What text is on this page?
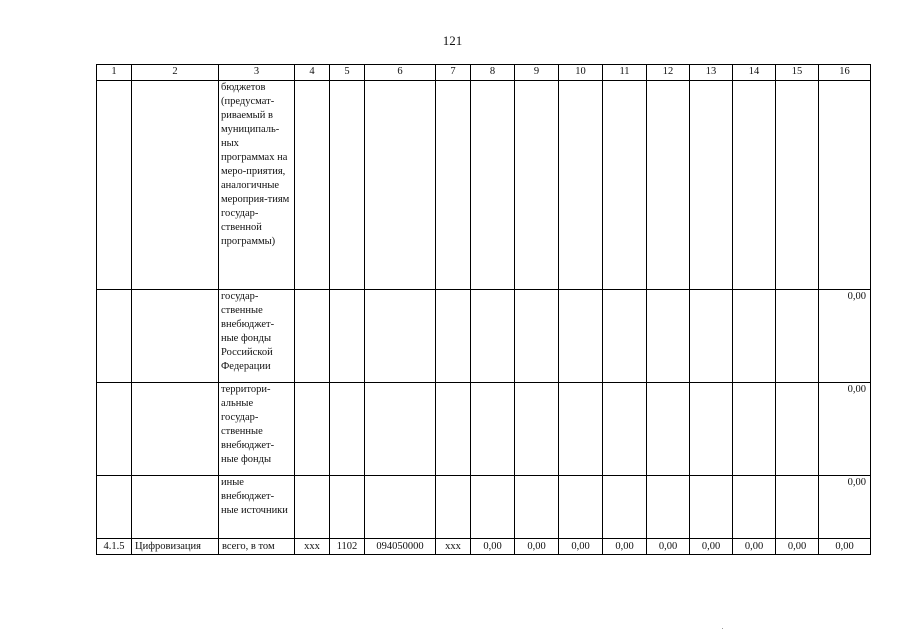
121
1	2	3	4	5	6	7	8	9	10	11	12	13	14	15	16
		бюджетов (предусмат-риваемый в муниципаль-ных программах на меро-приятия, аналогичные мероприя-тиям государ-ственной программы)													
		государ-ственные внебюджет-ные фонды Российской Федерации													0,00
		территори-альные государ-ственные внебюджет-ные фонды													0,00
		иные внебюджет-ные источники													0,00
4.1.5	Цифровизация	всего, в том	xxx	1102	094050000	xxx	0,00	0,00	0,00	0,00	0,00	0,00	0,00	0,00	0,00
